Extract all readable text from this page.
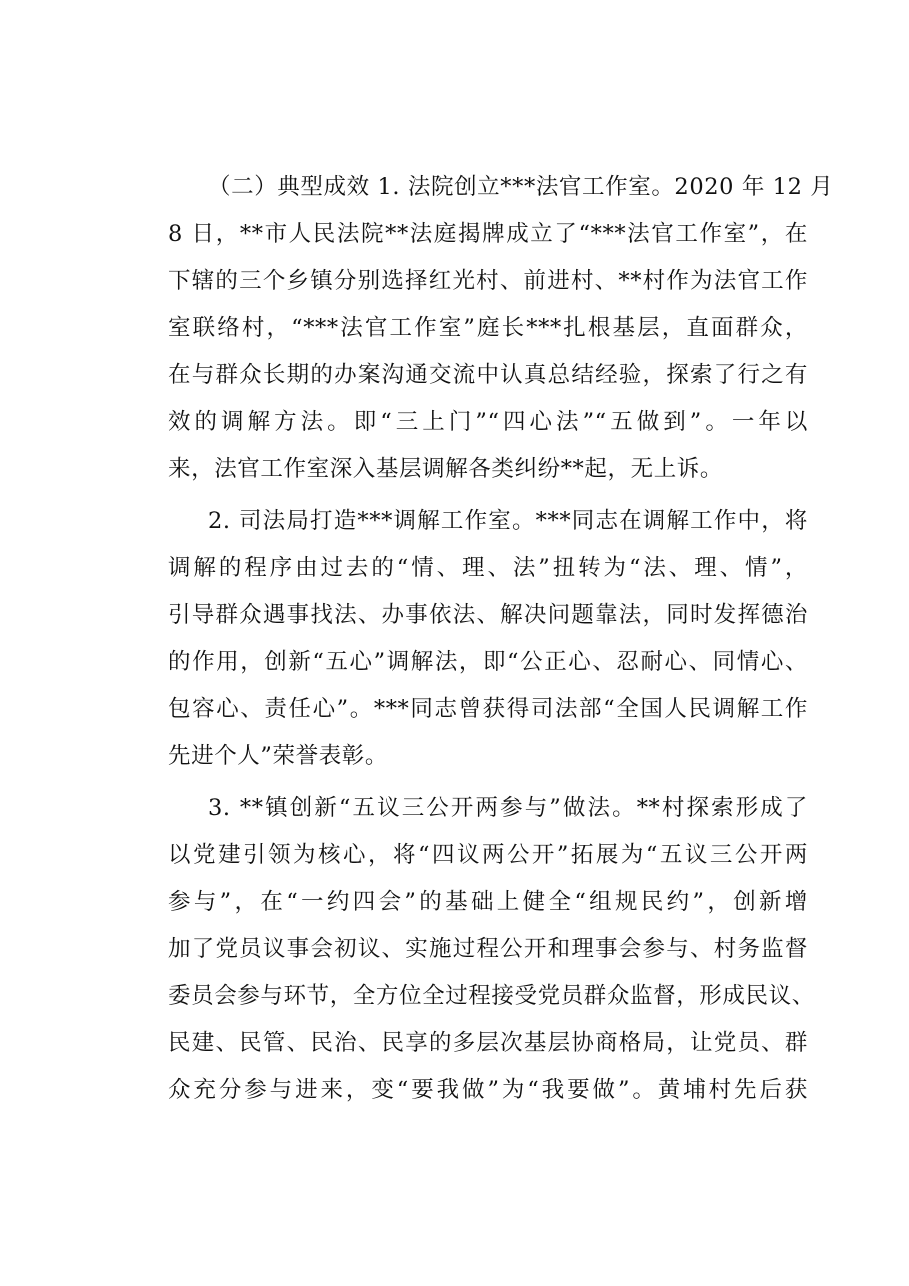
（二）典型成效 1. 法院创立***法官工作室。2020 年 12 月
8 日，**市人民法院**法庭揭牌成立了“***法官工作室”，在
下辖的三个乡镇分别选择红光村、前进村、**村作为法官工作
室联络村，“***法官工作室”庭长***扎根基层，直面群众，
在与群众长期的办案沟通交流中认真总结经验，探索了行之有
效的调解方法。即“三上门”“四心法”“五做到”。一年以
来，法官工作室深入基层调解各类纠纷**起，无上诉。
2. 司法局打造***调解工作室。***同志在调解工作中，将
调解的程序由过去的“情、理、法”扭转为“法、理、情”，
引导群众遇事找法、办事依法、解决问题靠法，同时发挥德治
的作用，创新“五心”调解法，即“公正心、忍耐心、同情心、
包容心、责任心”。***同志曾获得司法部“全国人民调解工作
先进个人”荣誉表彰。
3. **镇创新“五议三公开两参与”做法。**村探索形成了
以党建引领为核心，将“四议两公开”拓展为“五议三公开两
参与”，在“一约四会”的基础上健全“组规民约”，创新增
加了党员议事会初议、实施过程公开和理事会参与、村务监督
委员会参与环节，全方位全过程接受党员群众监督，形成民议、
民建、民管、民治、民享的多层次基层协商格局，让党员、群
众充分参与进来，变“要我做”为“我要做”。黄埔村先后获
